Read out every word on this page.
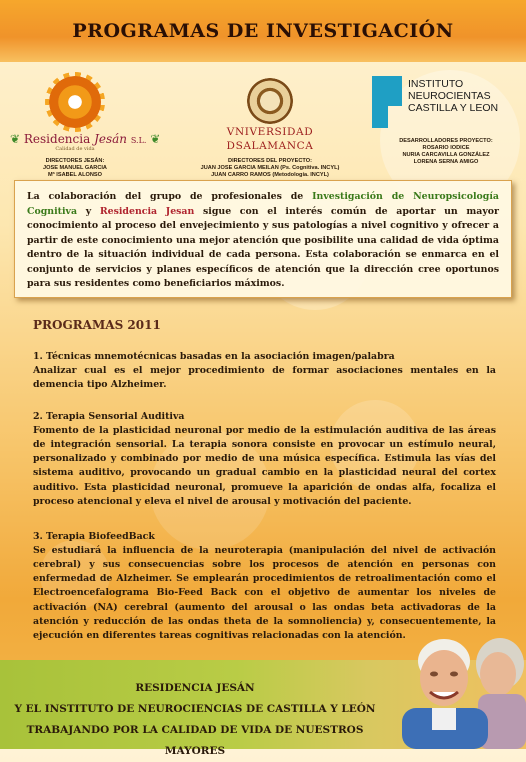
PROGRAMAS DE INVESTIGACIÓN
❦ Residencia Jesán S.L. ❦
Calidad de vida
DIRECTORES JESÁN:
JOSE MANUEL GARCIA
Mª ISABEL ALONSO
VNIVERSIDAD
DSALAMANCA
DIRECTORES DEL PROYECTO:
JUAN JOSE GARCIA MEILAN (Ps. Cognitiva. INCYL)
JUAN CARRO RAMOS (Metodología. INCYL)
INSTITUTO
NEUROCIENTAS
CASTILLA Y LEON
DESARROLLADORES PROYECTO:
ROSARIO IODICE
NURIA CARCAVILLA GONZÁLEZ
LORENA SERNA AMIGO
La colaboración del grupo de profesionales de Investigación de Neuropsicología Cognitiva y Residencia Jesan sigue con el interés común de aportar un mayor conocimiento al proceso del envejecimiento y sus patologías a nivel cognitivo y ofrecer a partir de este conocimiento una mejor atención que posibilite una calidad de vida óptima dentro de la situación individual de cada persona. Esta colaboración se enmarca en el conjunto de servicios y planes específicos de atención que la dirección cree oportunos para sus residentes como beneficiarios máximos.
PROGRAMAS 2011
1. Técnicas mnemotécnicas basadas en la asociación imagen/palabra
Analizar cual es el mejor procedimiento de formar asociaciones mentales en la demencia tipo Alzheimer.
2. Terapia Sensorial Auditiva
Fomento de la plasticidad neuronal por medio de la estimulación auditiva de las áreas de integración sensorial. La terapia sonora consiste en provocar un estímulo neural, personalizado y combinado por medio de una música específica. Estimula las vías del sistema auditivo, provocando un gradual cambio en la plasticidad neural del cortex auditivo. Esta plasticidad neuronal, promueve la aparición de ondas alfa, focaliza el proceso atencional y eleva el nivel de arousal y motivación del paciente.
3. Terapia BiofeedBack
Se estudiará la influencia de la neuroterapia (manipulación del nivel de activación cerebral) y sus consecuencias sobre los procesos de atención en personas con enfermedad de Alzheimer. Se emplearán procedimientos de retroalimentación como el Electroencefalograma Bio-Feed Back con el objetivo de aumentar los niveles de activación (NA) cerebral (aumento del arousal o las ondas beta activadoras de la atención y reducción de las ondas theta de la somnoliencia) y, consecuentemente, la ejecución en diferentes tareas cognitivas relacionadas con la atención.
RESIDENCIA JESÁN
Y EL INSTITUTO DE NEUROCIENCIAS DE CASTILLA Y LEÓN
TRABAJANDO POR LA CALIDAD DE VIDA DE NUESTROS MAYORES
